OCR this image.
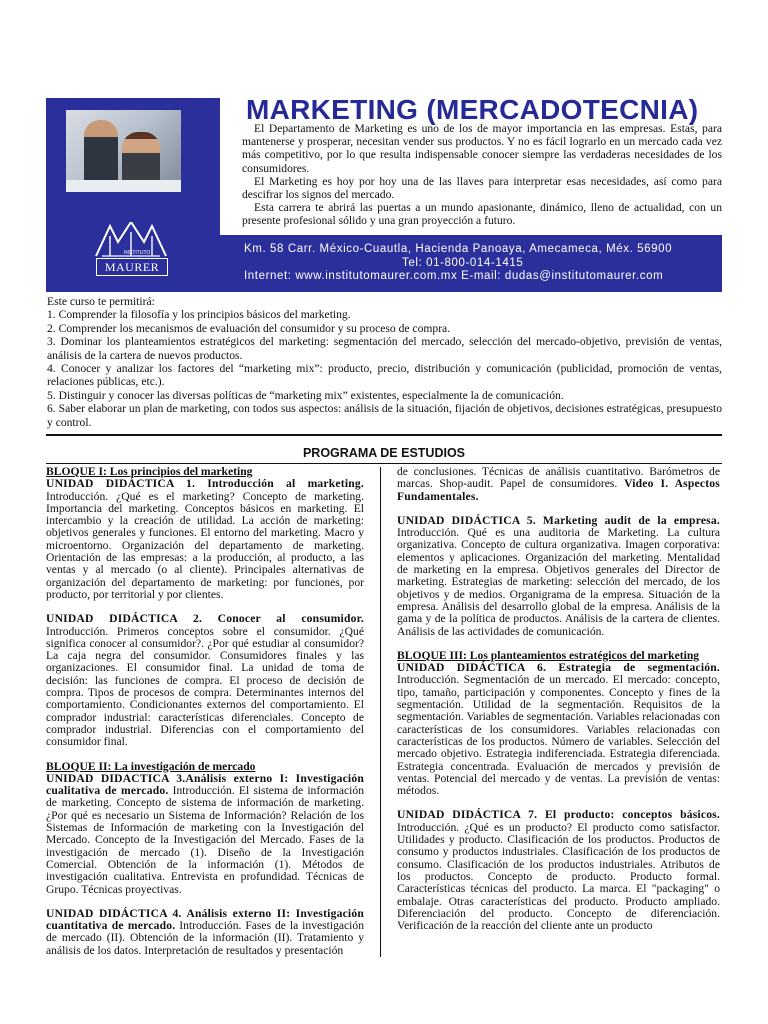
INSTITUTO
MAURER
MARKETING (MERCADOTECNIA)

El Departamento de Marketing es uno de los de mayor importancia en las empresas. Estas, para mantenerse y prosperar, necesitan vender sus productos. Y no es fácil lograrlo en un mercado cada vez más competitivo, por lo que resulta indispensable conocer siempre las verdaderas necesidades de los consumidores.

El Marketing es hoy por hoy una de las llaves para interpretar esas necesidades, así como para descifrar los signos del mercado.

Esta carrera te abrirá las puertas a un mundo apasionante, dinámico, lleno de actualidad, con un presente profesional sólido y una gran proyección a futuro.

Km. 58 Carr. México-Cuautla, Hacienda Panoaya, Amecameca, Méx. 56900
Tel: 01-800-014-1415
Internet: www.institutomaurer.com.mx E-mail: dudas@institutomaurer.com

Este curso te permitirá:

1. Comprender la filosofía y los principios básicos del marketing.

2. Comprender los mecanismos de evaluación del consumidor y su proceso de compra.

3. Dominar los planteamientos estratégicos del marketing: segmentación del mercado, selección del mercado-objetivo, previsión de ventas, análisis de la cartera de nuevos productos.

4. Conocer y analizar los factores del “marketing mix”: producto, precio, distribución y comunicación (publicidad, promoción de ventas, relaciones públicas, etc.).

5. Distinguir y conocer las diversas políticas de “marketing mix” existentes, especialmente la de comunicación.

6. Saber elaborar un plan de marketing, con todos sus aspectos: análisis de la situación, fijación de objetivos, decisiones estratégicas, presupuesto y control.

PROGRAMA DE ESTUDIOS

BLOQUE I: Los principios del marketing

UNIDAD DIDÁCTICA 1. Introducción al marketing. Introducción. ¿Qué es el marketing? Concepto de marketing. Importancia del marketing. Conceptos básicos en marketing. El intercambio y la creación de utilidad. La acción de marketing: objetivos generales y funciones. El entorno del marketing. Macro y microentorno. Organización del departamento de marketing. Orientación de las empresas: a la producción, al producto, a las ventas y al mercado (o al cliente). Principales alternativas de organización del departamento de marketing: por funciones, por producto, por territorial y por clientes.

UNIDAD DIDÁCTICA 2. Conocer al consumidor. Introducción. Primeros conceptos sobre el consumidor. ¿Qué significa conocer al consumidor?. ¿Por qué estudiar al consumidor? La caja negra del consumidor. Consumidores finales y las organizaciones. El consumidor final. La unidad de toma de decisión: las funciones de compra. El proceso de decisión de compra. Tipos de procesos de compra. Determinantes internos del comportamiento. Condicionantes externos del comportamiento. El comprador industrial: características diferenciales. Concepto de comprador industrial. Diferencias con el comportamiento del consumidor final.

BLOQUE II: La investigación de mercado

UNIDAD DIDACTICA 3.Análisis externo I: Investigación cualitativa de mercado. Introducción. El sistema de información de marketing. Concepto de sistema de información de marketing. ¿Por qué es necesario un Sistema de Información? Relación de los Sistemas de Información de marketing con la Investigación del Mercado. Concepto de la Investigación del Mercado. Fases de la investigación de mercado (1). Diseño de la Investigación Comercial. Obtención de la información (1). Métodos de investigación cualitativa. Entrevista en profundidad. Técnicas de Grupo. Técnicas proyectivas.

UNIDAD DIDÁCTICA 4. Análisis externo II: Investigación cuantitativa de mercado. Introducción. Fases de la investigación de mercado (II). Obtención de la información (II). Tratamiento y análisis de los datos. Interpretación de resultados y presentación

de conclusiones. Técnicas de análisis cuantitativo. Barómetros de marcas. Shop-audit. Papel de consumidores. Video I. Aspectos Fundamentales.

UNIDAD DIDÁCTICA 5. Marketing audit de la empresa. Introducción. Qué es una auditoria de Marketing. La cultura organizativa. Concepto de cultura organizativa. Imagen corporativa: elementos y aplicaciones. Organización del marketing. Mentalidad de marketing en la empresa. Objetivos generales del Director de marketing. Estrategias de marketing: selección del mercado, de los objetivos y de medios. Organigrama de la empresa. Situación de la empresa. Análisis del desarrollo global de la empresa. Análisis de la gama y de la política de productos. Análisis de la cartera de clientes. Análisis de las actividades de comunicación.

BLOQUE III: Los planteamientos estratégicos del marketing

UNIDAD DIDÁCTICA 6. Estrategia de segmentación. Introducción. Segmentación de un mercado. El mercado: concepto, tipo, tamaño, participación y componentes. Concepto y fines de la segmentación. Utilidad de la segmentación. Requisitos de la segmentación. Variables de segmentación. Variables relacionadas con características de los consumidores. Variables relacionadas con características de los productos. Número de variables. Selección del mercado objetivo. Estrategia indiferenciada. Estrategia diferenciada. Estrategia concentrada. Evaluación de mercados y previsión de ventas. Potencial del mercado y de ventas. La previsión de ventas: métodos.

UNIDAD DIDÁCTICA 7. El producto: conceptos básicos. Introducción. ¿Qué es un producto? El producto como satisfactor. Utilidades y producto. Clasificación de los productos. Productos de consumo y productos industriales. Clasificación de los productos de consumo. Clasificación de los productos industriales. Atributos de los productos. Concepto de producto. Producto formal. Características técnicas del producto. La marca. El "packaging" o embalaje. Otras características del producto. Producto ampliado. Diferenciación del producto. Concepto de diferenciación. Verificación de la reacción del cliente ante un producto
